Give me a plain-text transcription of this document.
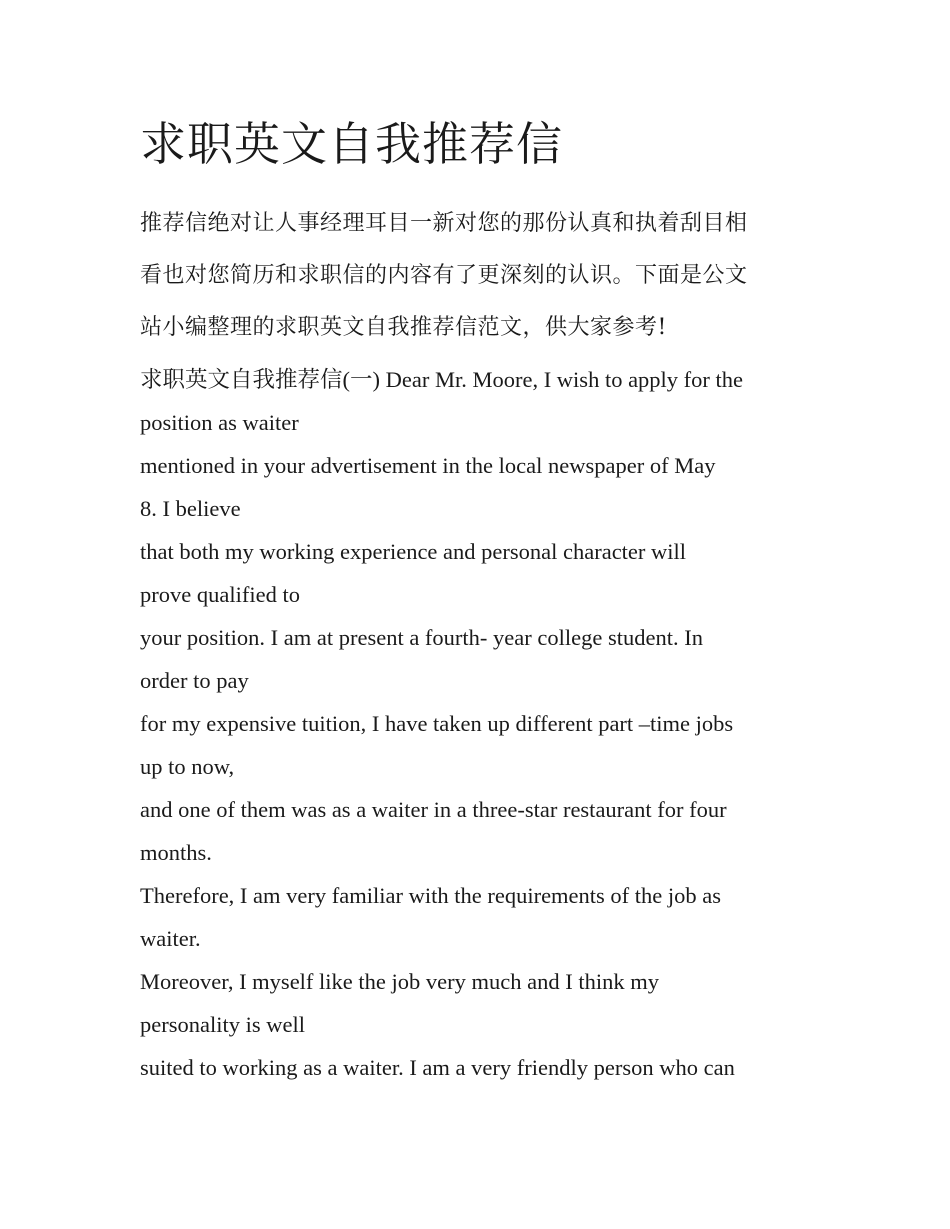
求职英文自我推荐信
推荐信绝对让人事经理耳目一新对您的那份认真和执着刮目相
看也对您简历和求职信的内容有了更深刻的认识。下面是公文
站小编整理的求职英文自我推荐信范文，供大家参考!
求职英文自我推荐信(一) Dear Mr. Moore, I wish to apply for the
position as waiter
mentioned in your advertisement in the local newspaper of May
8. I believe
that both my working experience and personal character will
prove qualified to
your position. I am at present a fourth- year college student. In
order to pay
for my expensive tuition, I have taken up different part –time jobs
up to now,
and one of them was as a waiter in a three-star restaurant for four
months.
Therefore, I am very familiar with the requirements of the job as
waiter.
Moreover, I myself like the job very much and I think my
personality is well
suited to working as a waiter. I am a very friendly person who can
